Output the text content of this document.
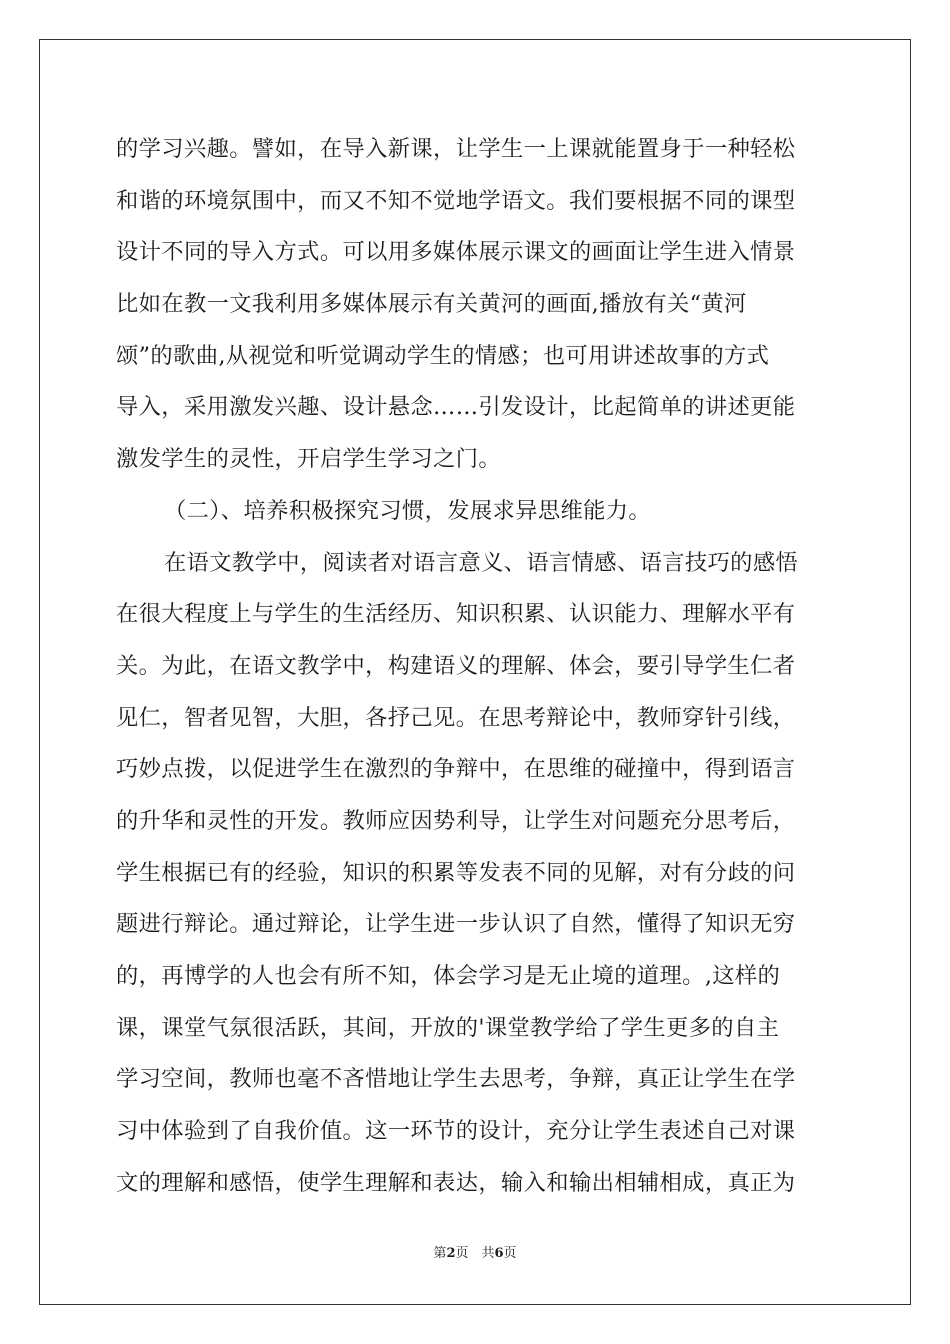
的学习兴趣。譬如，在导入新课，让学生一上课就能置身于一种轻松
和谐的环境氛围中，而又不知不觉地学语文。我们要根据不同的课型
设计不同的导入方式。可以用多媒体展示课文的画面让学生进入情景
比如在教一文我利用多媒体展示有关黄河的画面,播放有关“黄河
颂”的歌曲,从视觉和听觉调动学生的情感；也可用讲述故事的方式
导入，采用激发兴趣、设计悬念……引发设计，比起简单的讲述更能
激发学生的灵性，开启学生学习之门。
（二）、培养积极探究习惯，发展求异思维能力。
在语文教学中，阅读者对语言意义、语言情感、语言技巧的感悟
在很大程度上与学生的生活经历、知识积累、认识能力、理解水平有
关。为此，在语文教学中，构建语义的理解、体会，要引导学生仁者
见仁，智者见智，大胆，各抒己见。在思考辩论中，教师穿针引线，
巧妙点拨，以促进学生在激烈的争辩中，在思维的碰撞中，得到语言
的升华和灵性的开发。教师应因势利导，让学生对问题充分思考后，
学生根据已有的经验，知识的积累等发表不同的见解，对有分歧的问
题进行辩论。通过辩论，让学生进一步认识了自然，懂得了知识无穷
的，再博学的人也会有所不知，体会学习是无止境的道理。,这样的
课，课堂气氛很活跃，其间，开放的'课堂教学给了学生更多的自主
学习空间，教师也毫不吝惜地让学生去思考，争辩，真正让学生在学
习中体验到了自我价值。这一环节的设计，充分让学生表述自己对课
文的理解和感悟，使学生理解和表达，输入和输出相辅相成，真正为
第2页　共6页
